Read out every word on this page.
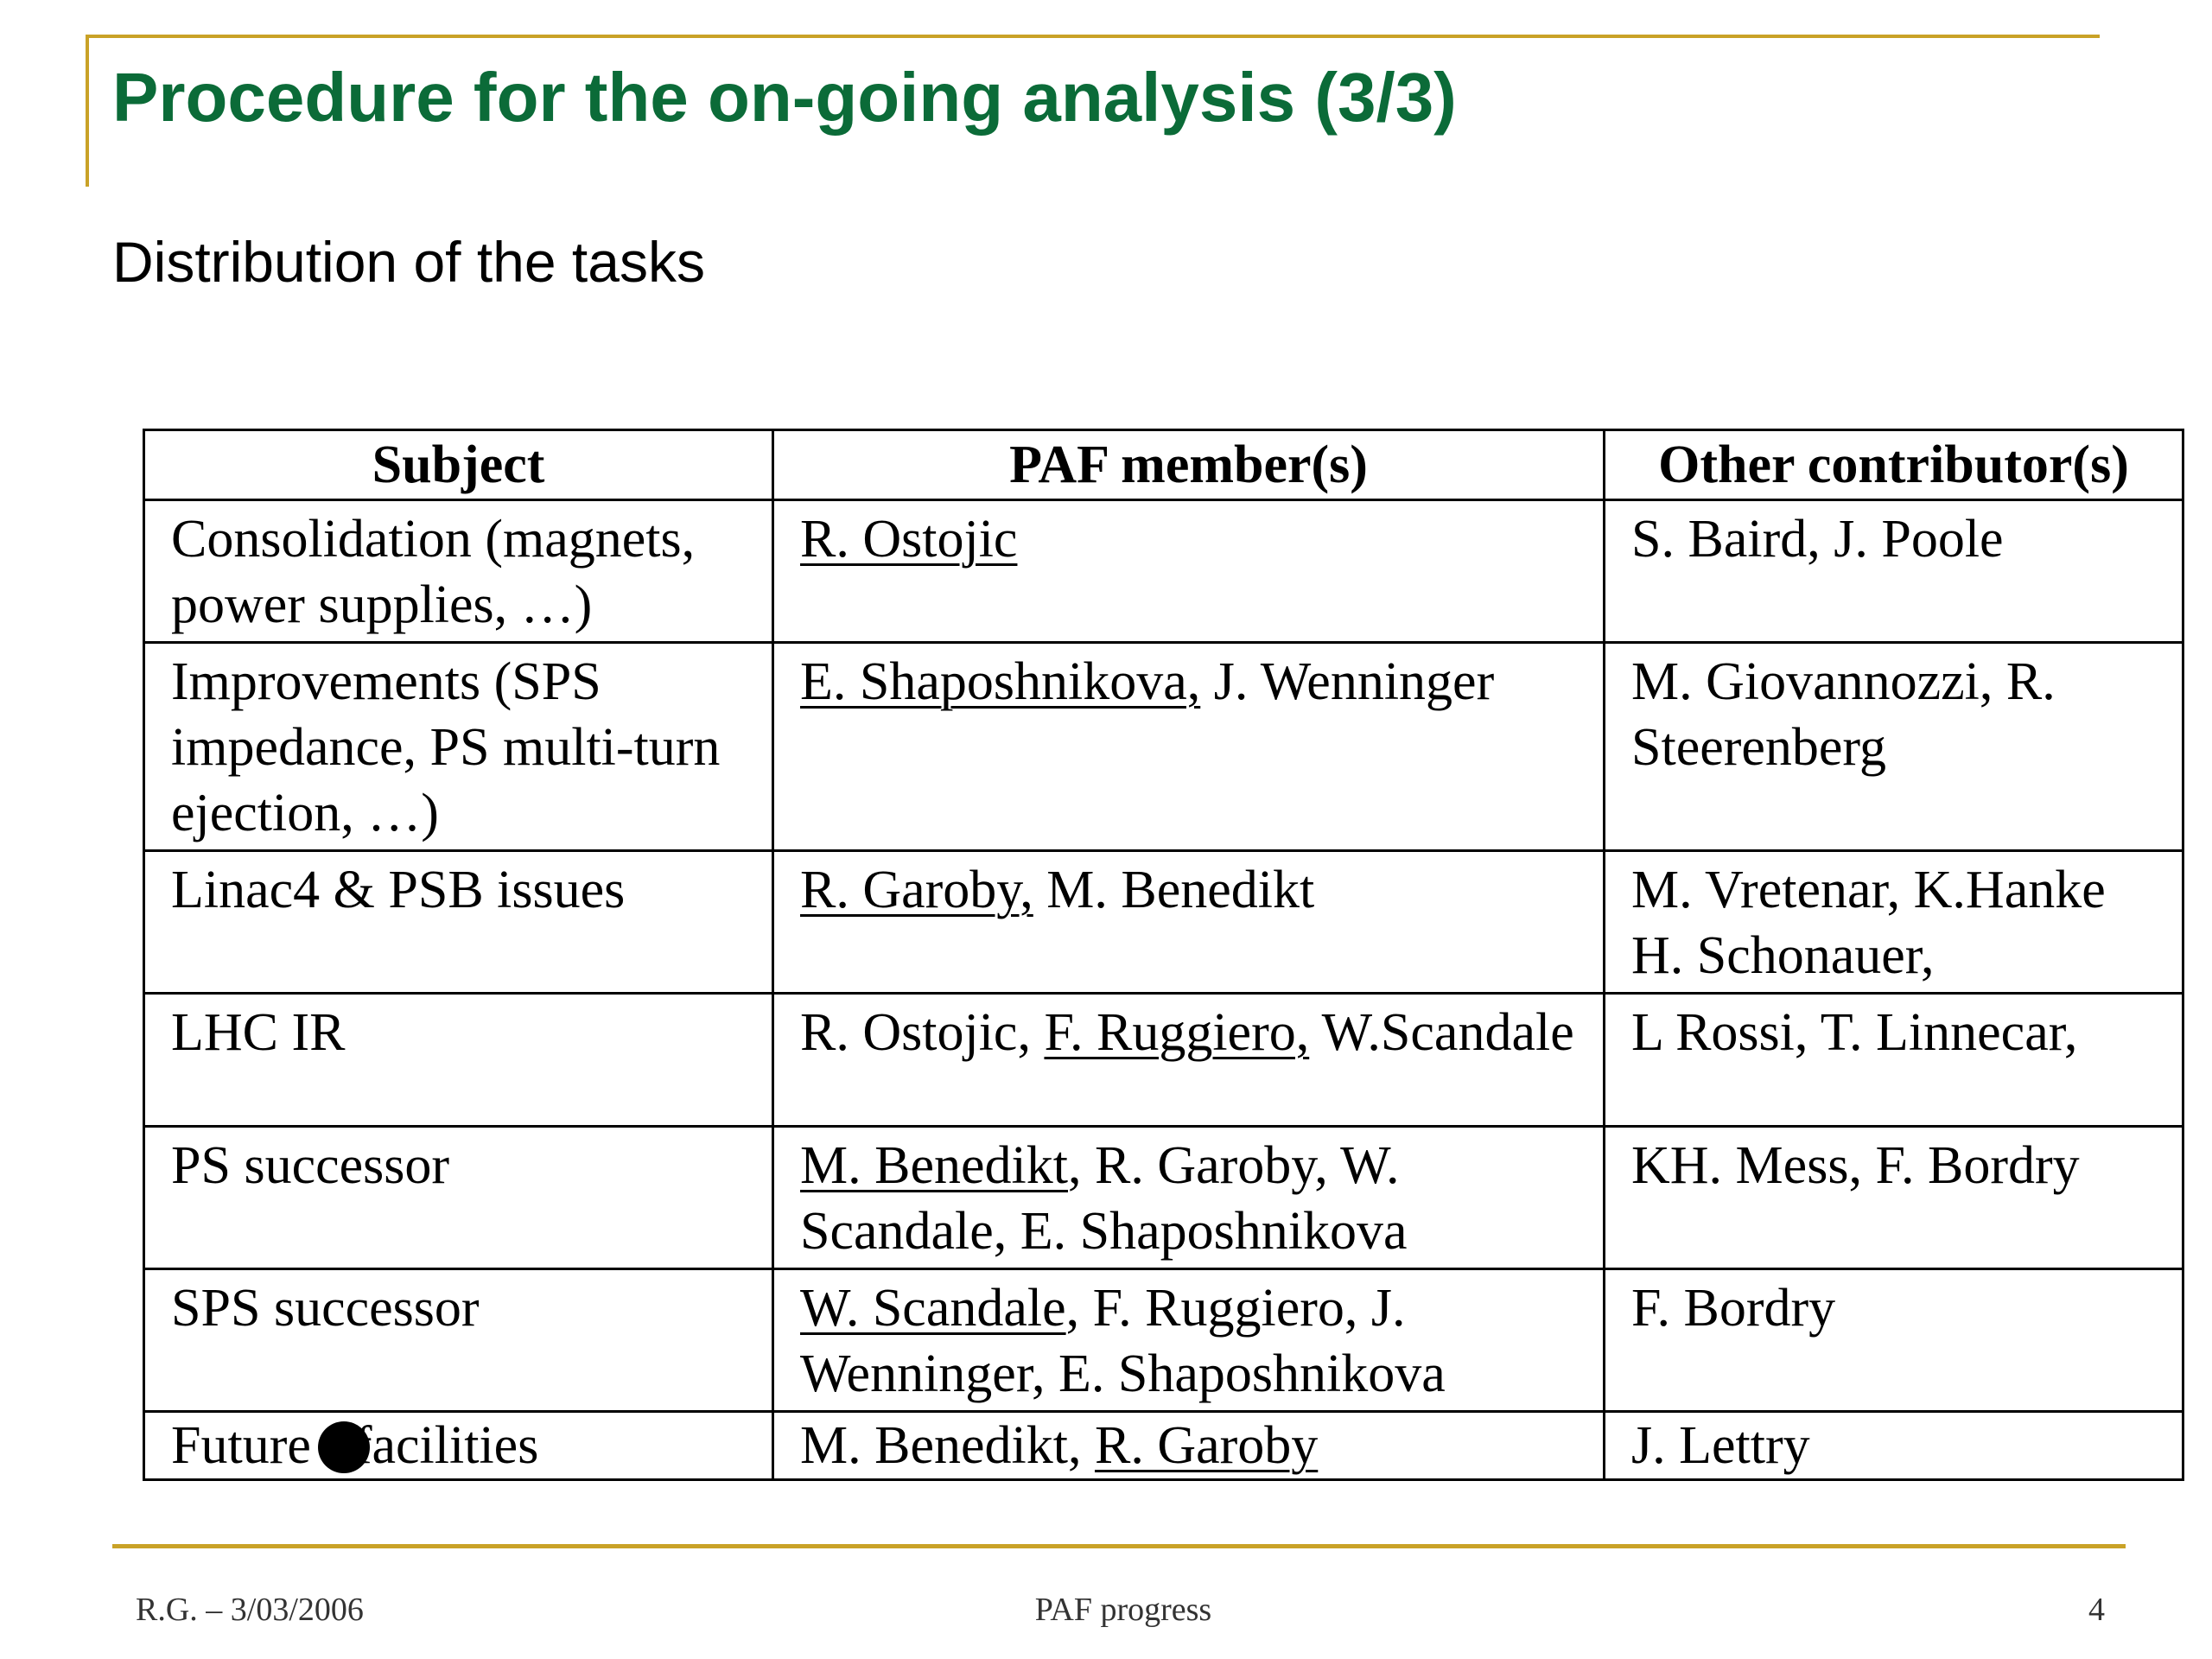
Procedure for the on-going analysis (3/3)

Distribution of the tasks

Subject	PAF member(s)	Other contributor(s)
Consolidation (magnets, power supplies, …)	R. Ostojic	S. Baird, J. Poole
Improvements (SPS impedance, PS multi-turn ejection, …)	E. Shaposhnikova, J. Wenninger	M. Giovannozzi, R. Steerenberg
Linac4 & PSB issues	R. Garoby, M. Benedikt	M. Vretenar, K.Hanke H. Schonauer,
LHC IR	R. Ostojic, F. Ruggiero, W.Scandale	L Rossi, T. Linnecar,
PS successor	M. Benedikt, R. Garoby, W. Scandale, E. Shaposhnikova	KH. Mess, F. Bordry
SPS successor	W. Scandale, F. Ruggiero, J. Wenninger, E. Shaposhnikova	F. Bordry
Future facilities	M. Benedikt, R. Garoby	J. Lettry

R.G. – 3/03/2006	PAF progress	4
